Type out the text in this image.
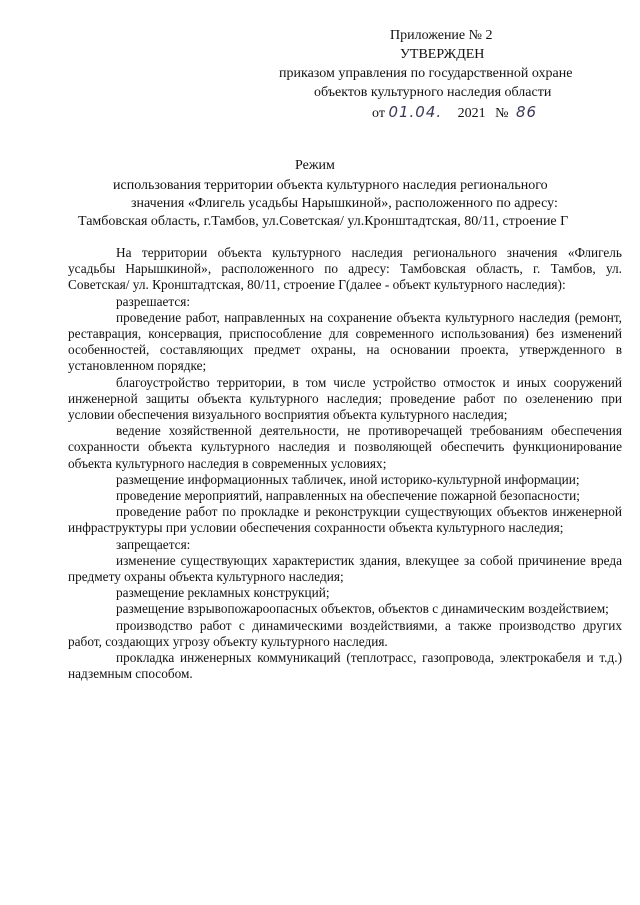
Приложение № 2
УТВЕРЖДЕН
приказом управления по государственной охране
объектов культурного наследия области
от 01.04. 2021 № 86
Режим
использования территории объекта культурного наследия регионального
значения «Флигель усадьбы Нарышкиной», расположенного по адресу:
Тамбовская область, г.Тамбов, ул.Советская/ ул.Кронштадтская, 80/11, строение Г

На территории объекта культурного наследия регионального значения «Флигель усадьбы Нарышкиной», расположенного по адресу: Тамбовская область, г. Тамбов, ул. Советская/ ул. Кронштадтская, 80/11, строение Г(далее - объект культурного наследия):

разрешается:

проведение работ, направленных на сохранение объекта культурного наследия (ремонт, реставрация, консервация, приспособление для современного использования) без изменений особенностей, составляющих предмет охраны, на основании проекта, утвержденного в установленном порядке;

благоустройство территории, в том числе устройство отмосток и иных сооружений инженерной защиты объекта культурного наследия; проведение работ по озеленению при условии обеспечения визуального восприятия объекта культурного наследия;

ведение хозяйственной деятельности, не противоречащей требованиям обеспечения сохранности объекта культурного наследия и позволяющей обеспечить функционирование объекта культурного наследия в современных условиях;

размещение информационных табличек, иной историко-культурной информации;

проведение мероприятий, направленных на обеспечение пожарной безопасности;

проведение работ по прокладке и реконструкции существующих объектов инженерной инфраструктуры при условии обеспечения сохранности объекта культурного наследия;

запрещается:

изменение существующих характеристик здания, влекущее за собой причинение вреда предмету охраны объекта культурного наследия;

размещение рекламных конструкций;

размещение взрывопожароопасных объектов, объектов с динамическим воздействием;

производство работ с динамическими воздействиями, а также производство других работ, создающих угрозу объекту культурного наследия.

прокладка инженерных коммуникаций (теплотрасс, газопровода, электрокабеля и т.д.) надземным способом.
